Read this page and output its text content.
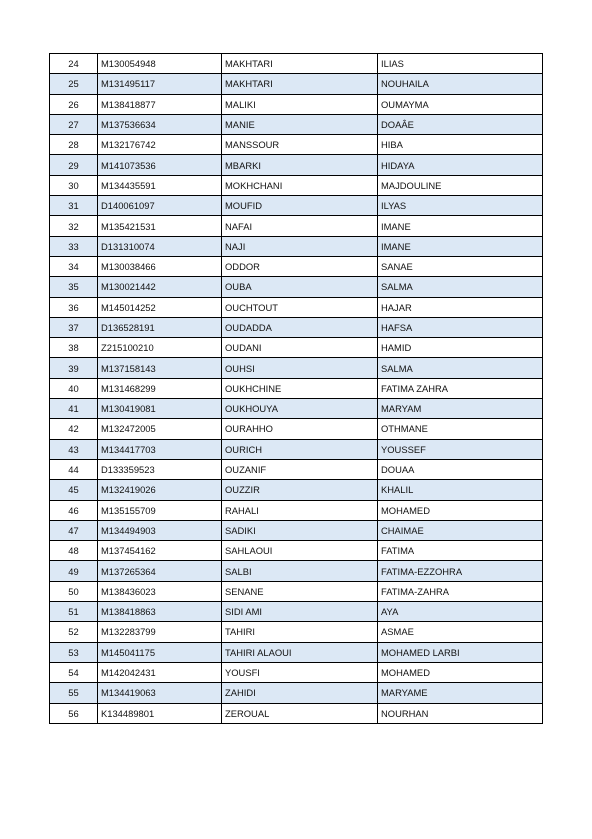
24	M130054948	MAKHTARI	ILIAS
25	M131495117	MAKHTARI	NOUHAILA
26	M138418877	MALIKI	OUMAYMA
27	M137536634	MANIE	DOAÂE
28	M132176742	MANSSOUR	HIBA
29	M141073536	MBARKI	HIDAYA
30	M134435591	MOKHCHANI	MAJDOULINE
31	D140061097	MOUFID	ILYAS
32	M135421531	NAFAI	IMANE
33	D131310074	NAJI	IMANE
34	M130038466	ODDOR	SANAE
35	M130021442	OUBA	SALMA
36	M145014252	OUCHTOUT	HAJAR
37	D136528191	OUDADDA	HAFSA
38	Z215100210	OUDANI	HAMID
39	M137158143	OUHSI	SALMA
40	M131468299	OUKHCHINE	FATIMA ZAHRA
41	M130419081	OUKHOUYA	MARYAM
42	M132472005	OURAHHO	OTHMANE
43	M134417703	OURICH	YOUSSEF
44	D133359523	OUZANIF	DOUAA
45	M132419026	OUZZIR	KHALIL
46	M135155709	RAHALI	MOHAMED
47	M134494903	SADIKI	CHAIMAE
48	M137454162	SAHLAOUI	FATIMA
49	M137265364	SALBI	FATIMA-EZZOHRA
50	M138436023	SENANE	FATIMA-ZAHRA
51	M138418863	SIDI AMI	AYA
52	M132283799	TAHIRI	ASMAE
53	M145041175	TAHIRI ALAOUI	MOHAMED LARBI
54	M142042431	YOUSFI	MOHAMED
55	M134419063	ZAHIDI	MARYAME
56	K134489801	ZEROUAL	NOURHAN
